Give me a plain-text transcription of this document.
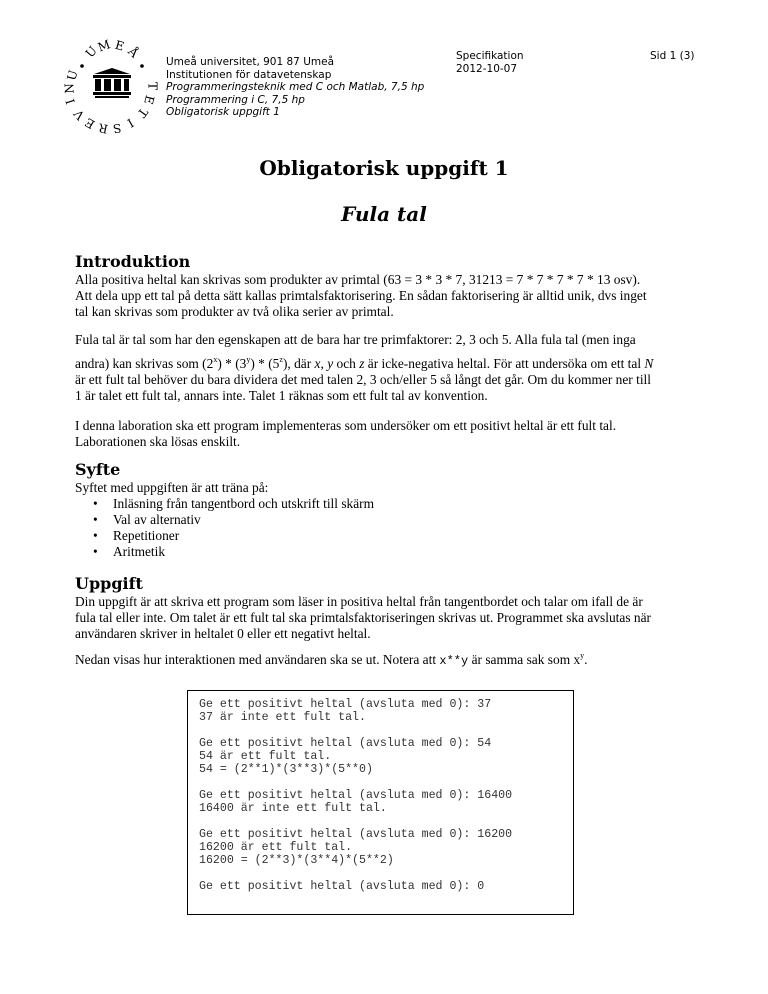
U
M E Å
U
N
I
V
E R S I
T
E
T
Umeå universitet, 901 87 Umeå
Institutionen för datavetenskap
Programmeringsteknik med C och Matlab, 7,5 hp
Programmering i C, 7,5 hp
Obligatorisk uppgift 1
Specifikation
2012-10-07
Sid 1 (3)
Obligatorisk uppgift 1
Fula tal
Introduktion
Alla positiva heltal kan skrivas som produkter av primtal (63 = 3 * 3 * 7, 31213 = 7 * 7 * 7 * 7 * 13 osv).
Att dela upp ett tal på detta sätt kallas primtalsfaktorisering. En sådan faktorisering är alltid unik, dvs inget
tal kan skrivas som produkter av två olika serier av primtal.
Fula tal är tal som har den egenskapen att de bara har tre primfaktorer: 2, 3 och 5. Alla fula tal (men inga
andra) kan skrivas som (2$^x$) * (3$^y$) * (5$^z$), där x, y och z är icke-negativa heltal. För att undersöka om ett tal N
är ett fult tal behöver du bara dividera det med talen 2, 3 och/eller 5 så långt det går. Om du kommer ner till
1 är talet ett fult tal, annars inte. Talet 1 räknas som ett fult tal av konvention.
I denna laboration ska ett program implementeras som undersöker om ett positivt heltal är ett fult tal.
Laborationen ska lösas enskilt.
Syfte
Syftet med uppgiften är att träna på:
• Inläsning från tangentbord och utskrift till skärm
• Val av alternativ
• Repetitioner
• Aritmetik
Uppgift
Din uppgift är att skriva ett program som läser in positiva heltal från tangentbordet och talar om ifall de är
fula tal eller inte. Om talet är ett fult tal ska primtalsfaktoriseringen skrivas ut. Programmet ska avslutas när
användaren skriver in heltalet 0 eller ett negativt heltal.
Nedan visas hur interaktionen med användaren ska se ut. Notera att x**y är samma sak som $x^y$.
Ge ett positivt heltal (avsluta med 0): 37
37 är inte ett fult tal.

Ge ett positivt heltal (avsluta med 0): 54
54 är ett fult tal.
54 = (2**1)*(3**3)*(5**0)

Ge ett positivt heltal (avsluta med 0): 16400
16400 är inte ett fult tal.

Ge ett positivt heltal (avsluta med 0): 16200
16200 är ett fult tal.
16200 = (2**3)*(3**4)*(5**2)

Ge ett positivt heltal (avsluta med 0): 0
